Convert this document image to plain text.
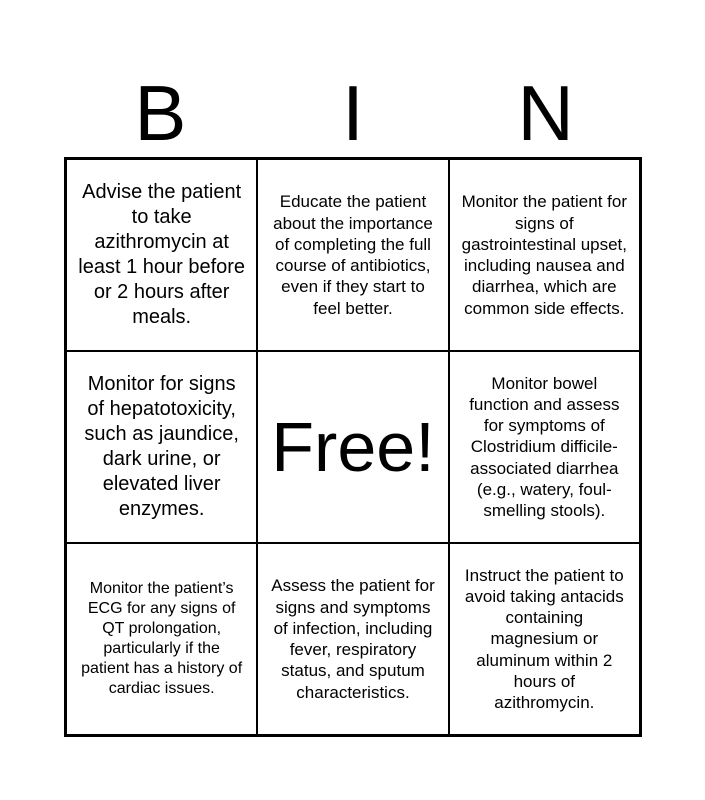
B	I	N
Advise the patient to take azithromycin at least 1 hour before or 2 hours after meals.
Educate the patient about the importance of completing the full course of antibiotics, even if they start to feel better.
Monitor the patient for signs of gastrointestinal upset, including nausea and diarrhea, which are common side effects.
Monitor for signs of hepatotoxicity, such as jaundice, dark urine, or elevated liver enzymes.
Free!
Monitor bowel function and assess for symptoms of Clostridium difficile-associated diarrhea (e.g., watery, foul-smelling stools).
Monitor the patient’s ECG for any signs of QT prolongation, particularly if the patient has a history of cardiac issues.
Assess the patient for signs and symptoms of infection, including fever, respiratory status, and sputum characteristics.
Instruct the patient to avoid taking antacids containing magnesium or aluminum within 2 hours of azithromycin.
